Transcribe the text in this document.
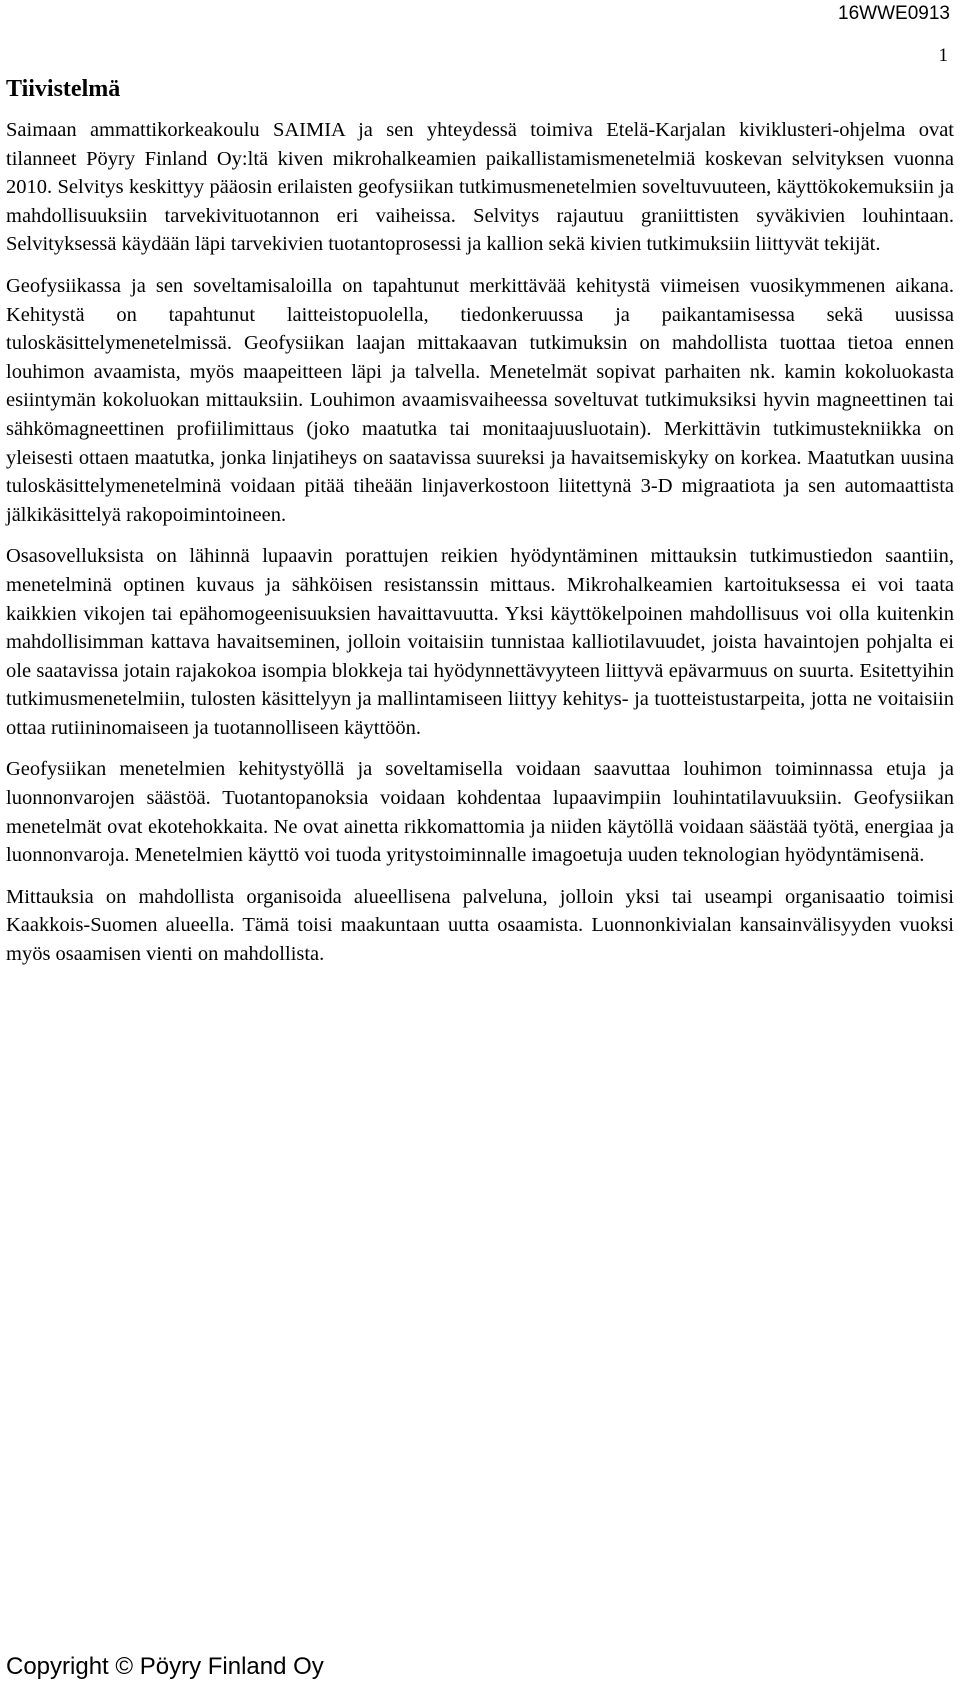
16WWE0913

1

Tiivistelmä

Saimaan ammattikorkeakoulu SAIMIA ja sen yhteydessä toimiva Etelä-Karjalan kiviklusteri-ohjelma ovat tilanneet Pöyry Finland Oy:ltä kiven mikrohalkeamien paikallistamismenetelmiä koskevan selvityksen vuonna 2010. Selvitys keskittyy pääosin erilaisten geofysiikan tutkimusmenetelmien soveltuvuuteen, käyttökokemuksiin ja mahdollisuuksiin tarvekivituotannon eri vaiheissa. Selvitys rajautuu graniittisten syväkivien louhintaan. Selvityksessä käydään läpi tarvekivien tuotantoprosessi ja kallion sekä kivien tutkimuksiin liittyvät tekijät.

Geofysiikassa ja sen soveltamisaloilla on tapahtunut merkittävää kehitystä viimeisen vuosikymmenen aikana. Kehitystä on tapahtunut laitteistopuolella, tiedonkeruussa ja paikantamisessa sekä uusissa tuloskäsittelymenetelmissä. Geofysiikan laajan mittakaavan tutkimuksin on mahdollista tuottaa tietoa ennen louhimon avaamista, myös maapeitteen läpi ja talvella. Menetelmät sopivat parhaiten nk. kamin kokoluokasta esiintymän kokoluokan mittauksiin. Louhimon avaamisvaiheessa soveltuvat tutkimuksiksi hyvin magneettinen tai sähkömagneettinen profiilimittaus (joko maatutka tai monitaajuusluotain). Merkittävin tutkimustekniikka on yleisesti ottaen maatutka, jonka linjatiheys on saatavissa suureksi ja havaitsemiskyky on korkea. Maatutkan uusina tuloskäsittelymenetelminä voidaan pitää tiheään linjaverkostoon liitettynä 3-D migraatiota ja sen automaattista jälkikäsittelyä rakopoimintoineen.

Osasovelluksista on lähinnä lupaavin porattujen reikien hyödyntäminen mittauksin tutkimustiedon saantiin, menetelminä optinen kuvaus ja sähköisen resistanssin mittaus. Mikrohalkeamien kartoituksessa ei voi taata kaikkien vikojen tai epähomogeenisuuksien havaittavuutta. Yksi käyttökelpoinen mahdollisuus voi olla kuitenkin mahdollisimman kattava havaitseminen, jolloin voitaisiin tunnistaa kalliotilavuudet, joista havaintojen pohjalta ei ole saatavissa jotain rajakokoa isompia blokkeja tai hyödynnettävyyteen liittyvä epävarmuus on suurta. Esitettyihin tutkimusmenetelmiin, tulosten käsittelyyn ja mallintamiseen liittyy kehitys- ja tuotteistustarpeita, jotta ne voitaisiin ottaa rutiininomaiseen ja tuotannolliseen käyttöön.

Geofysiikan menetelmien kehitystyöllä ja soveltamisella voidaan saavuttaa louhimon toiminnassa etuja ja luonnonvarojen säästöä. Tuotantopanoksia voidaan kohdentaa lupaavimpiin louhintatilavuuksiin. Geofysiikan menetelmät ovat ekotehokkaita. Ne ovat ainetta rikkomattomia ja niiden käytöllä voidaan säästää työtä, energiaa ja luonnonvaroja. Menetelmien käyttö voi tuoda yritystoiminnalle imagoetuja uuden teknologian hyödyntämisenä.

Mittauksia on mahdollista organisoida alueellisena palveluna, jolloin yksi tai useampi organisaatio toimisi Kaakkois-Suomen alueella. Tämä toisi maakuntaan uutta osaamista. Luonnonkivialan kansainvälisyyden vuoksi myös osaamisen vienti on mahdollista.

Copyright © Pöyry Finland Oy
